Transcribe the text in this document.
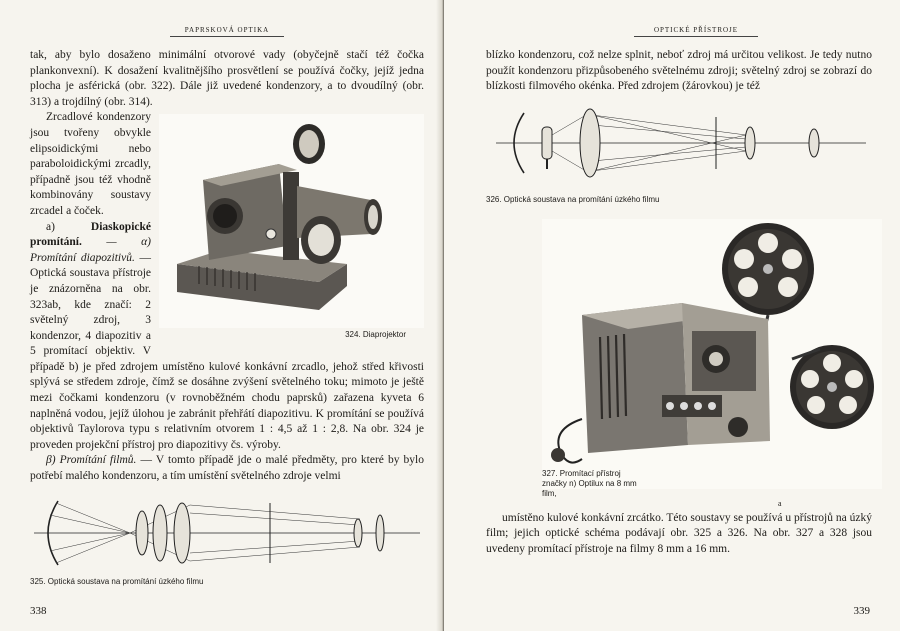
PAPRSKOVÁ OPTIKA

tak, aby bylo dosaženo minimální otvorové vady (obyčejně stačí též čočka plankonvexní). K dosažení kvalitnějšího prosvětlení se používá čočky, jejíž jedna plocha je asférická (obr. 322). Dále již uvedené kondenzory, a to dvoudílný (obr. 313) a trojdílný (obr. 314).

324. Diaprojektor

Zrcadlové kondenzory jsou tvořeny obvykle elipsoidickými nebo paraboloidickými zrcadly, případně jsou též vhodně kombinovány soustavy zrcadel a čoček.

a)	Diaskopické promítání. — α) Promítání diapozitivů. — Optická soustava přístroje je znázorněna na obr. 323ab, kde značí: 2 světelný zdroj, 3 kondenzor, 4 diapozitiv a 5 promítací objektiv. V případě b) je před zdrojem umístěno kulové konkávní zrcadlo, jehož střed křivosti splývá se středem zdroje, čímž se dosáhne zvýšení světelného toku; mimoto je ještě mezi čočkami kondenzoru (v rovnoběžném chodu paprsků) zařazena kyveta 6 naplněná vodou, jejíž úlohou je zabránit přehřátí diapozitivu. K promítání se používá objektivů Taylorova typu s relativním otvorem 1 : 4,5 až 1 : 2,8. Na obr. 324 je proveden projekční přístroj pro diapozitivy čs. výroby.

β) Promítání filmů. — V tomto případě jde o malé předměty, pro které by bylo potřebí malého kondenzoru, a tím umístění světelného zdroje velmi

325. Optická soustava na promítání úzkého filmu
338
OPTICKÉ PŘÍSTROJE

blízko kondenzoru, což nelze splnit, neboť zdroj má určitou velikost. Je tedy nutno použít kondenzoru přizpůsobeného světelnému zdroji; světelný zdroj se zobrazí do blízkosti filmového okénka. Před zdrojem (žárovkou) je též

326. Optická soustava na promítání úzkého filmu
327. Promítací přístroj značky n) Optilux na 8 mm film,
a

umístěno kulové konkávní zrcátko. Této soustavy se používá u přístrojů na úzký film; jejich optické schéma podávají obr. 325 a 326. Na obr. 327 a 328 jsou uvedeny promítací přístroje na filmy 8 mm a 16 mm.

339
